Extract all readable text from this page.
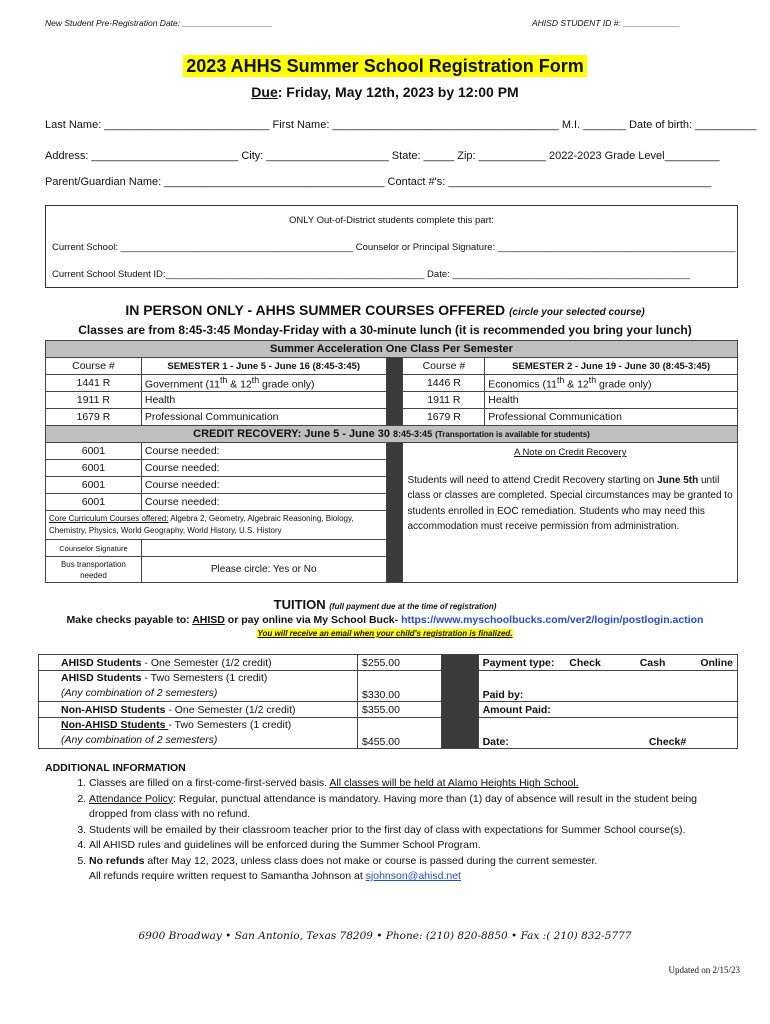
New Student Pre-Registration Date: ___________________	AHISD STUDENT ID #: ____________
2023 AHHS Summer School Registration Form
Due: Friday, May 12th, 2023 by 12:00 PM
Last Name: ___________________________ First Name: _____________________________________ M.I. _______ Date of birth: __________
Address: ________________________ City: ____________________ State: _____ Zip: ___________ 2022-2023 Grade Level_________
Parent/Guardian Name: ____________________________________ Contact #'s: ___________________________________________
ONLY Out-of-District students complete this part:
Current School: ____________________________________________ Counselor or Principal Signature: _____________________________________________
Current School Student ID:_________________________________________________ Date: _____________________________________________
IN PERSON ONLY - AHHS SUMMER COURSES OFFERED (circle your selected course)
Classes are from 8:45-3:45 Monday-Friday with a 30-minute lunch (it is recommended you bring your lunch)
Summer Acceleration One Class Per Semester				
Course #	SEMESTER 1 - June 5 - June 16 (8:45-3:45)		Course #	SEMESTER 2 - June 19 - June 30 (8:45-3:45)
1441 R	Government (11th & 12th grade only)		1446 R	Economics (11th & 12th grade only)
1911 R	Health		1911 R	Health
1679 R	Professional Communication		1679 R	Professional Communication
CREDIT RECOVERY: June 5 - June 30 8:45-3:45 (Transportation is available for students)				
6001	Course needed:		A Note on Credit Recovery
Students will need to attend Credit Recovery starting on June 5th until class or classes are completed. Special circumstances may be granted to students enrolled in EOC remediation. Students who may need this accommodation must receive permission from administration.	

6001	Course needed:			
6001	Course needed:			
6001	Course needed:			
Core Curriculum Courses offered: Algebra 2, Geometry, Algebraic Reasoning, Biology, Chemistry, Physics, World Geography, World History, U.S. History				
Counselor Signature				
Bus transportation needed	Please circle: Yes or No			
TUITION (full payment due at the time of registration)
Make checks payable to: AHISD or pay online via My School Buck- https://www.myschoolbucks.com/ver2/login/postlogin.action
You will receive an email when your child's registration is finalized.
AHISD Students - One Semester (1/2 credit)	$255.00		Payment type: Check Cash Online
AHISD Students - Two Semesters (1 credit)
(Any combination of 2 semesters)	$330.00		Paid by:
Non-AHISD Students - One Semester (1/2 credit)	$355.00		Amount Paid:
Non-AHISD Students - Two Semesters (1 credit)
(Any combination of 2 semesters)	$455.00		Date: Check#
ADDITIONAL INFORMATION
1. Classes are filled on a first-come-first-served basis. All classes will be held at Alamo Heights High School.
2. Attendance Policy: Regular, punctual attendance is mandatory. Having more than (1) day of absence will result in the student being dropped from class with no refund.
3. Students will be emailed by their classroom teacher prior to the first day of class with expectations for Summer School course(s).
4. All AHISD rules and guidelines will be enforced during the Summer School Program.
5. No refunds after May 12, 2023, unless class does not make or course is passed during the current semester.
All refunds require written request to Samantha Johnson at sjohnson@ahisd.net
6900 Broadway • San Antonio, Texas 78209 • Phone: (210) 820-8850 • Fax :( 210) 832-5777
Updated on 2/15/23
